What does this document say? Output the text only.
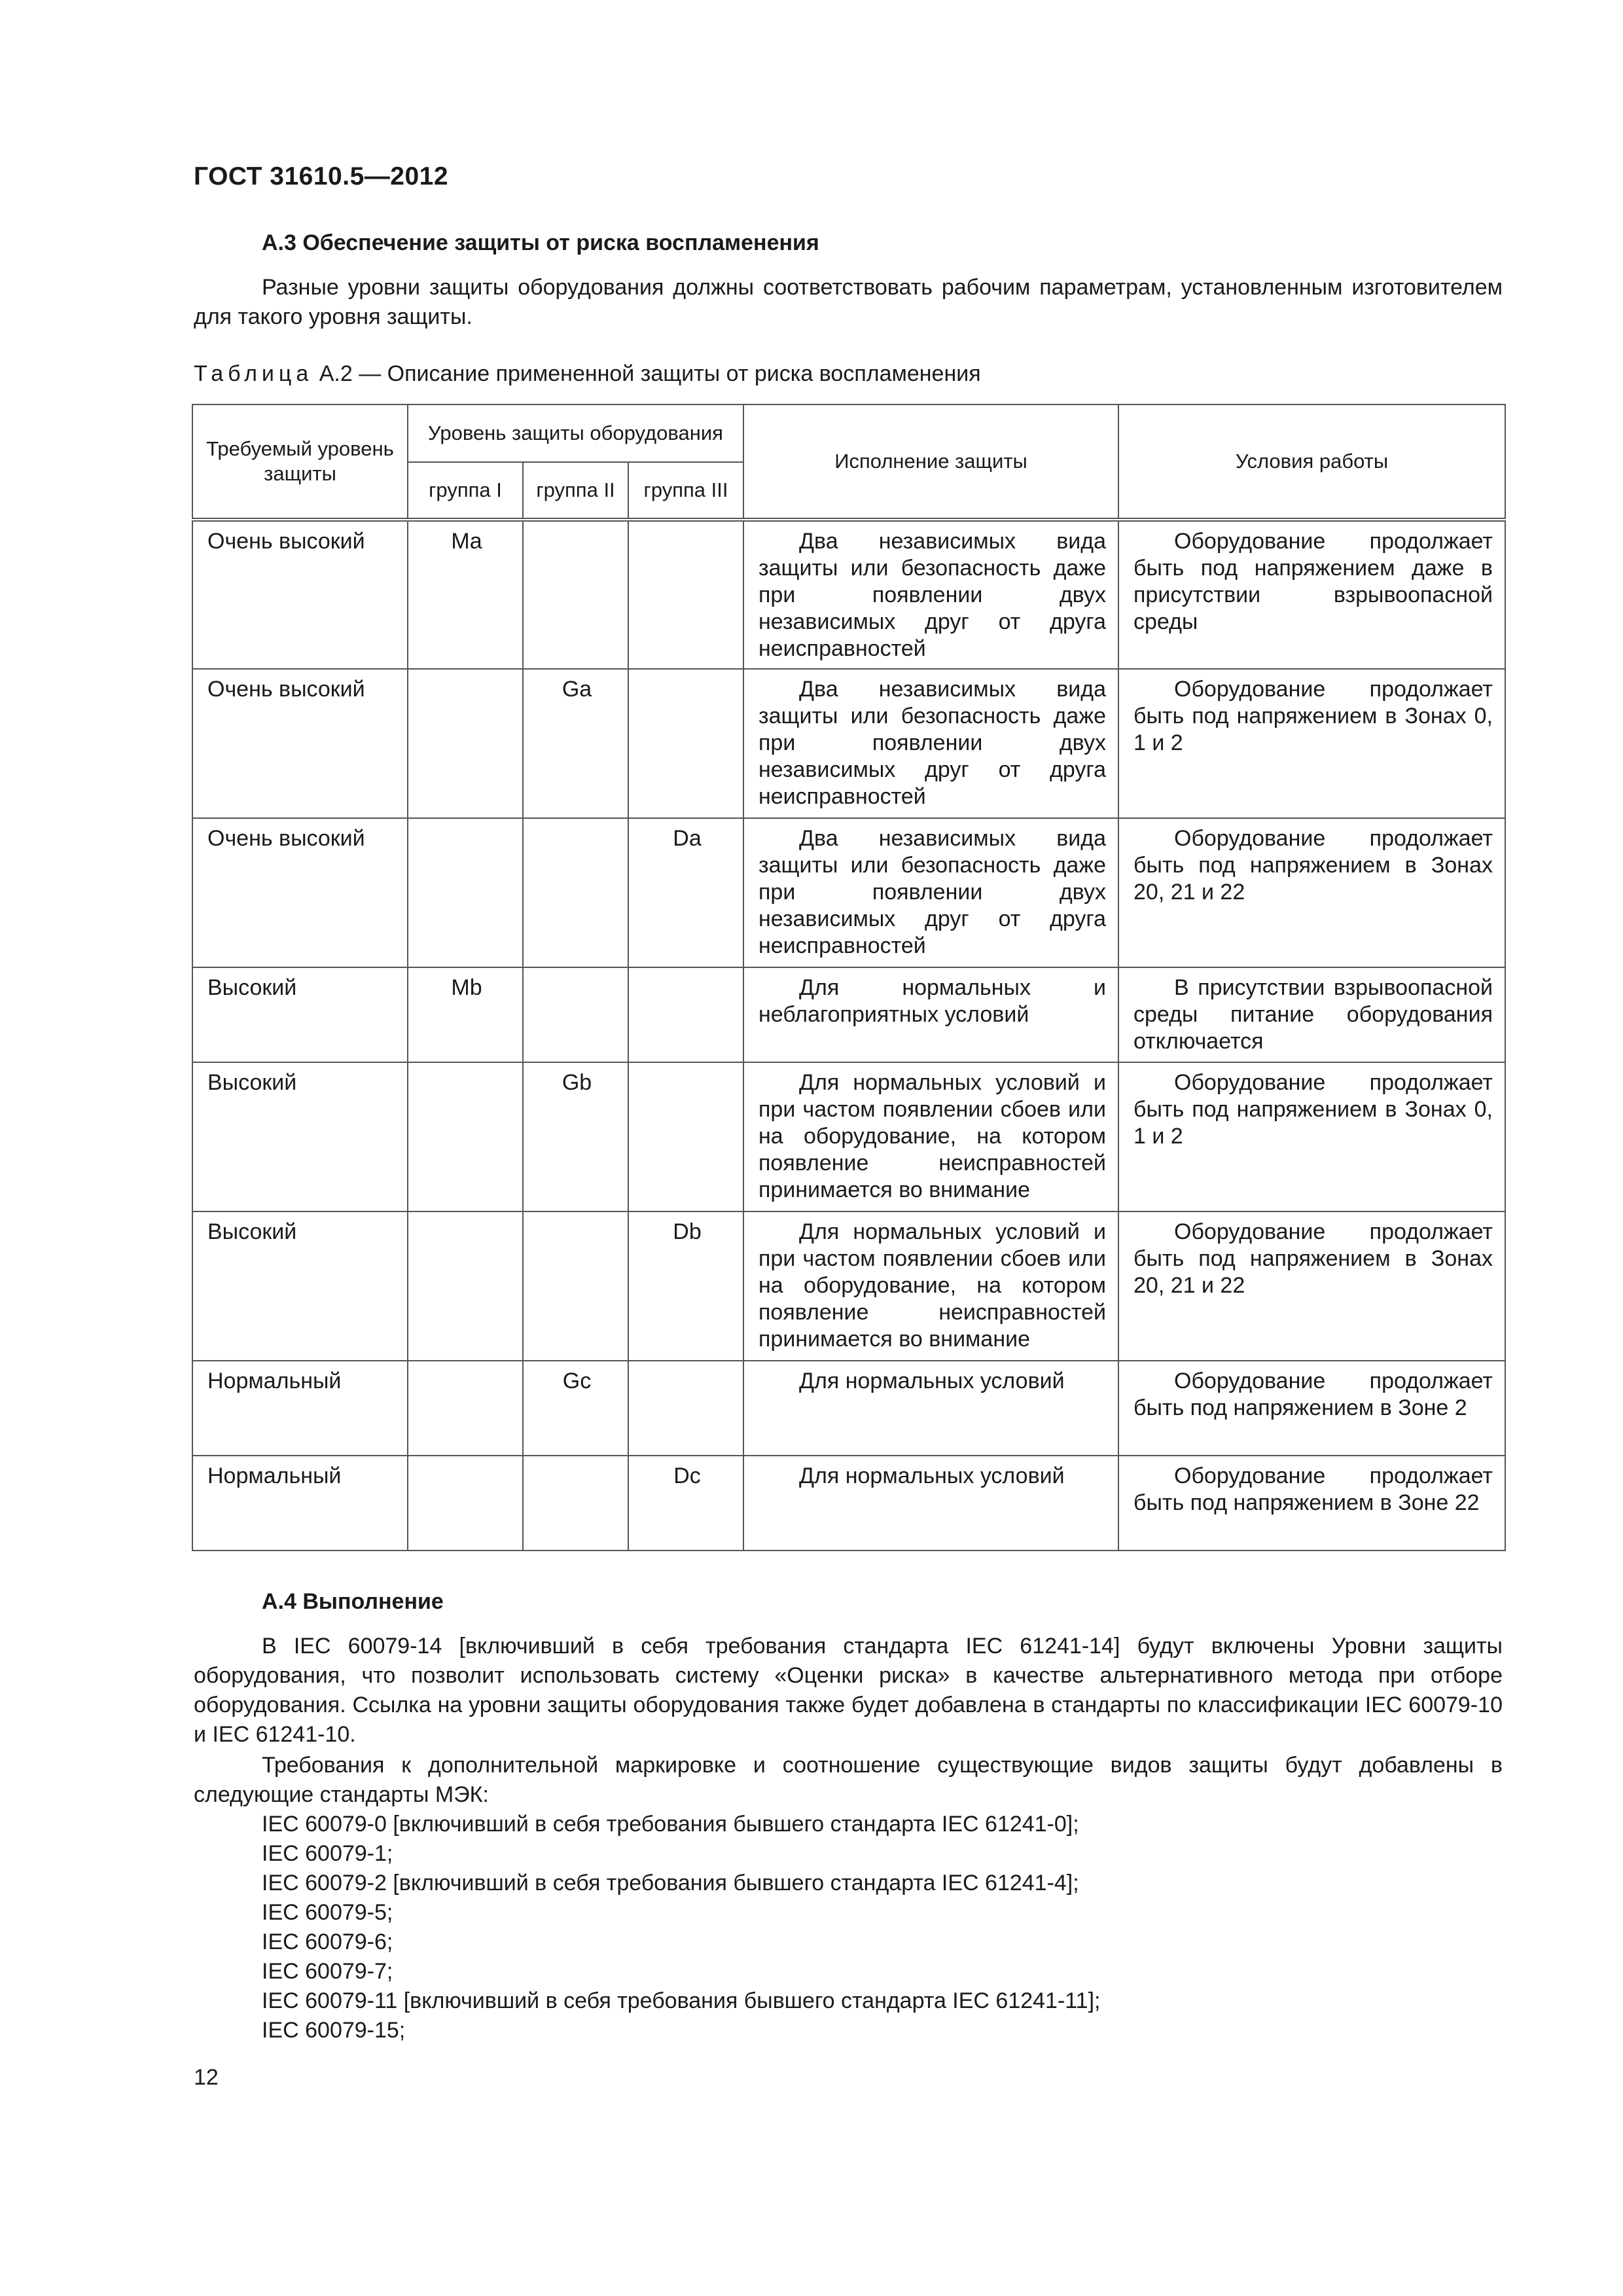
ГОСТ 31610.5—2012
А.3 Обеспечение защиты от риска воспламенения
Разные уровни защиты оборудования должны соответствовать рабочим параметрам, установленным изготовителем для такого уровня защиты.
Таблица А.2 — Описание примененной защиты от риска воспламенения
Требуемый уровень защиты	Уровень защиты оборудования			Исполнение защиты	Условия работы
	группа I	группа II	группа III		
Очень высокий	Ma			Два независимых вида защиты или безопасность даже при появлении двух независимых друг от друга неисправностей	Оборудование продолжает быть под напряжением даже в присутствии взрывоопасной среды
Очень высокий		Ga		Два независимых вида защиты или безопасность даже при появлении двух независимых друг от друга неисправностей	Оборудование продолжает быть под напряжением в Зонах 0, 1 и 2
Очень высокий			Da	Два независимых вида защиты или безопасность даже при появлении двух независимых друг от друга неисправностей	Оборудование продолжает быть под напряжением в Зонах 20, 21 и 22
Высокий	Mb			Для нормальных и неблагоприятных условий	В присутствии взрывоопасной среды питание оборудования отключается
Высокий		Gb		Для нормальных условий и при частом появлении сбоев или на оборудование, на котором появление неисправностей принимается во внимание	Оборудование продолжает быть под напряжением в Зонах 0, 1 и 2
Высокий			Db	Для нормальных условий и при частом появлении сбоев или на оборудование, на котором появление неисправностей принимается во внимание	Оборудование продолжает быть под напряжением в Зонах 20, 21 и 22
Нормальный		Gc		Для нормальных условий	Оборудование продолжает быть под напряжением в Зоне 2
Нормальный			Dc	Для нормальных условий	Оборудование продолжает быть под напряжением в Зоне 22
А.4 Выполнение
В IEC 60079-14 [включивший в себя требования стандарта IEC 61241-14] будут включены Уровни защиты оборудования, что позволит использовать систему «Оценки риска» в качестве альтернативного метода при отборе оборудования. Ссылка на уровни защиты оборудования также будет добавлена в стандарты по классификации IEC 60079-10 и IEC 61241-10.
Требования к дополнительной маркировке и соотношение существующие видов защиты будут добавлены в следующие стандарты МЭК:
IEC 60079-0 [включивший в себя требования бывшего стандарта IEC 61241-0];
IEC 60079-1;
IEC 60079-2 [включивший в себя требования бывшего стандарта IEC 61241-4];
IEC 60079-5;
IEC 60079-6;
IEC 60079-7;
IEC 60079-11 [включивший в себя требования бывшего стандарта IEC 61241-11];
IEC 60079-15;
12
